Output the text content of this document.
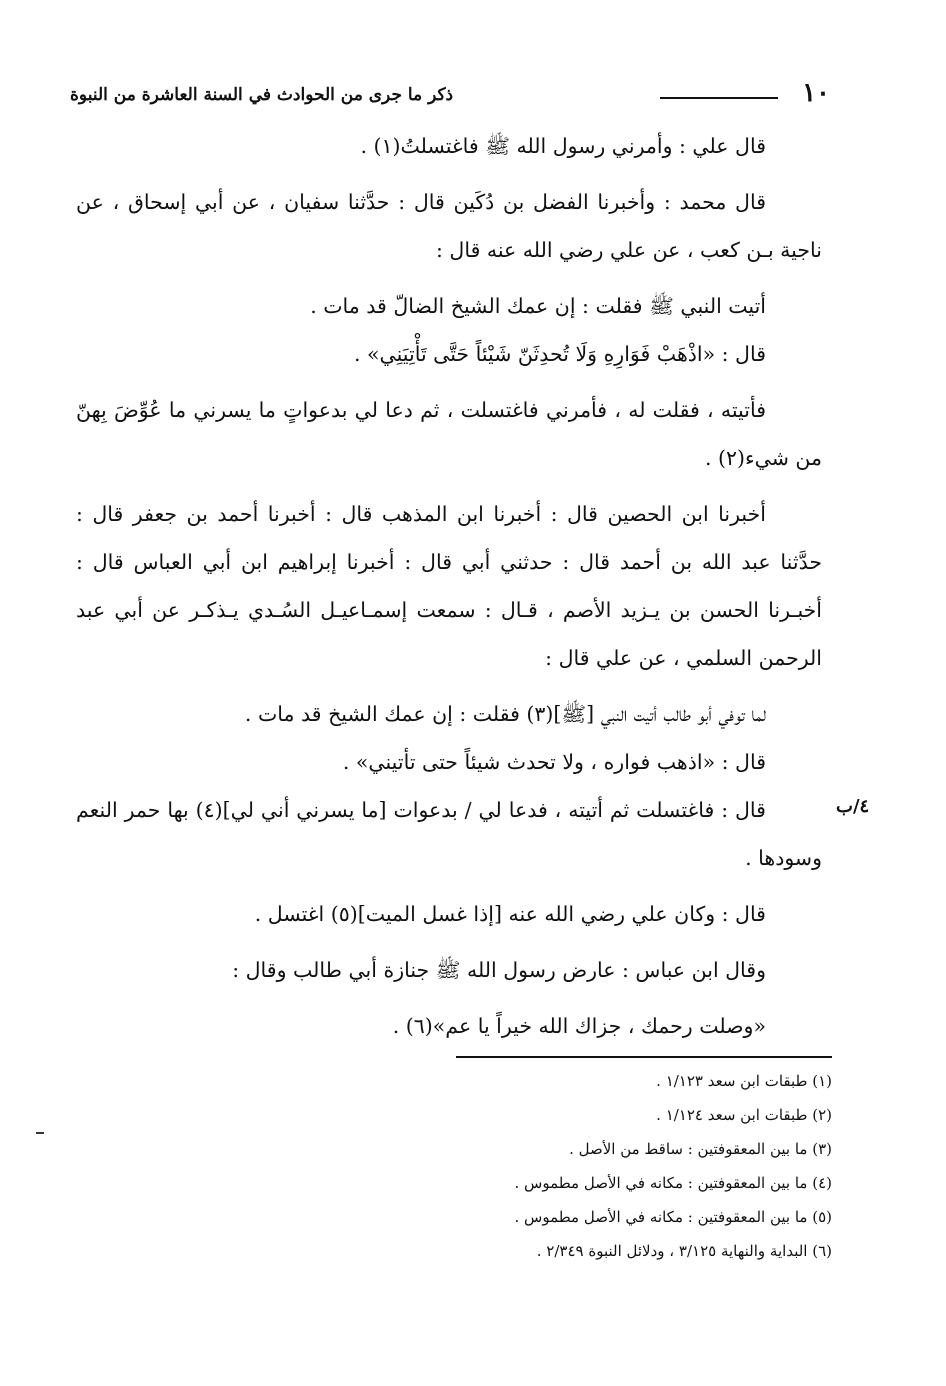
١٠
ذكر ما جرى من الحوادث في السنة العاشرة من النبوة

قال علي : وأمرني رسول الله ﷺ فاغتسلتُ(١) .

قال محمد : وأخبرنا الفضل بن دُكَين قال : حدَّثنا سفيان ، عن أبي إسحاق ، عن ناجية بـن كعب ، عن علي رضي الله عنه قال :

أتيت النبي ﷺ فقلت : إن عمك الشيخ الضالّ قد مات .

قال : «اذْهَبْ فَوَارِهِ وَلَا تُحدِثَنّ شَيْئاً حَتَّى تَأْتِيَنِي» .

فأتيته ، فقلت له ، فأمرني فاغتسلت ، ثم دعا لي بدعواتٍ ما يسرني ما عُوِّضَ بِهنّ من شيء(٢) .

أخبرنا ابن الحصين قال : أخبرنا ابن المذهب قال : أخبرنا أحمد بن جعفر قال : حدَّثنا عبد الله بن أحمد قال : حدثني أبي قال : أخبرنا إبراهيم ابن أبي العباس قال : أخبـرنا الحسن بن يـزيد الأصم ، قـال : سمعت إسمـاعيـل السُـدي يـذكـر عن أبي عبد الرحمن السلمي ، عن علي قال :

لما توفي أبو طالب أتيت النبي [ﷺ](٣) فقلت : إن عمك الشيخ قد مات .

قال : «اذهب فواره ، ولا تحدث شيئاً حتى تأتيني» .

قال : فاغتسلت ثم أتيته ، فدعا لي / بدعوات [ما يسرني أني لي](٤) بها حمر النعم وسودها .

قال : وكان علي رضي الله عنه [إذا غسل الميت](٥) اغتسل .

وقال ابن عباس : عارض رسول الله ﷺ جنازة أبي طالب وقال :

«وصلت رحمك ، جزاك الله خيراً يا عم»(٦) .

٤/ب

(١) طبقات ابن سعد ١/١٢٣ .

(٢) طبقات ابن سعد ١/١٢٤ .

(٣) ما بين المعقوفتين : ساقط من الأصل .

(٤) ما بين المعقوفتين : مكانه في الأصل مطموس .

(٥) ما بين المعقوفتين : مكانه في الأصل مطموس .

(٦) البداية والنهاية ٣/١٢٥ ، ودلائل النبوة ٢/٣٤٩ .
